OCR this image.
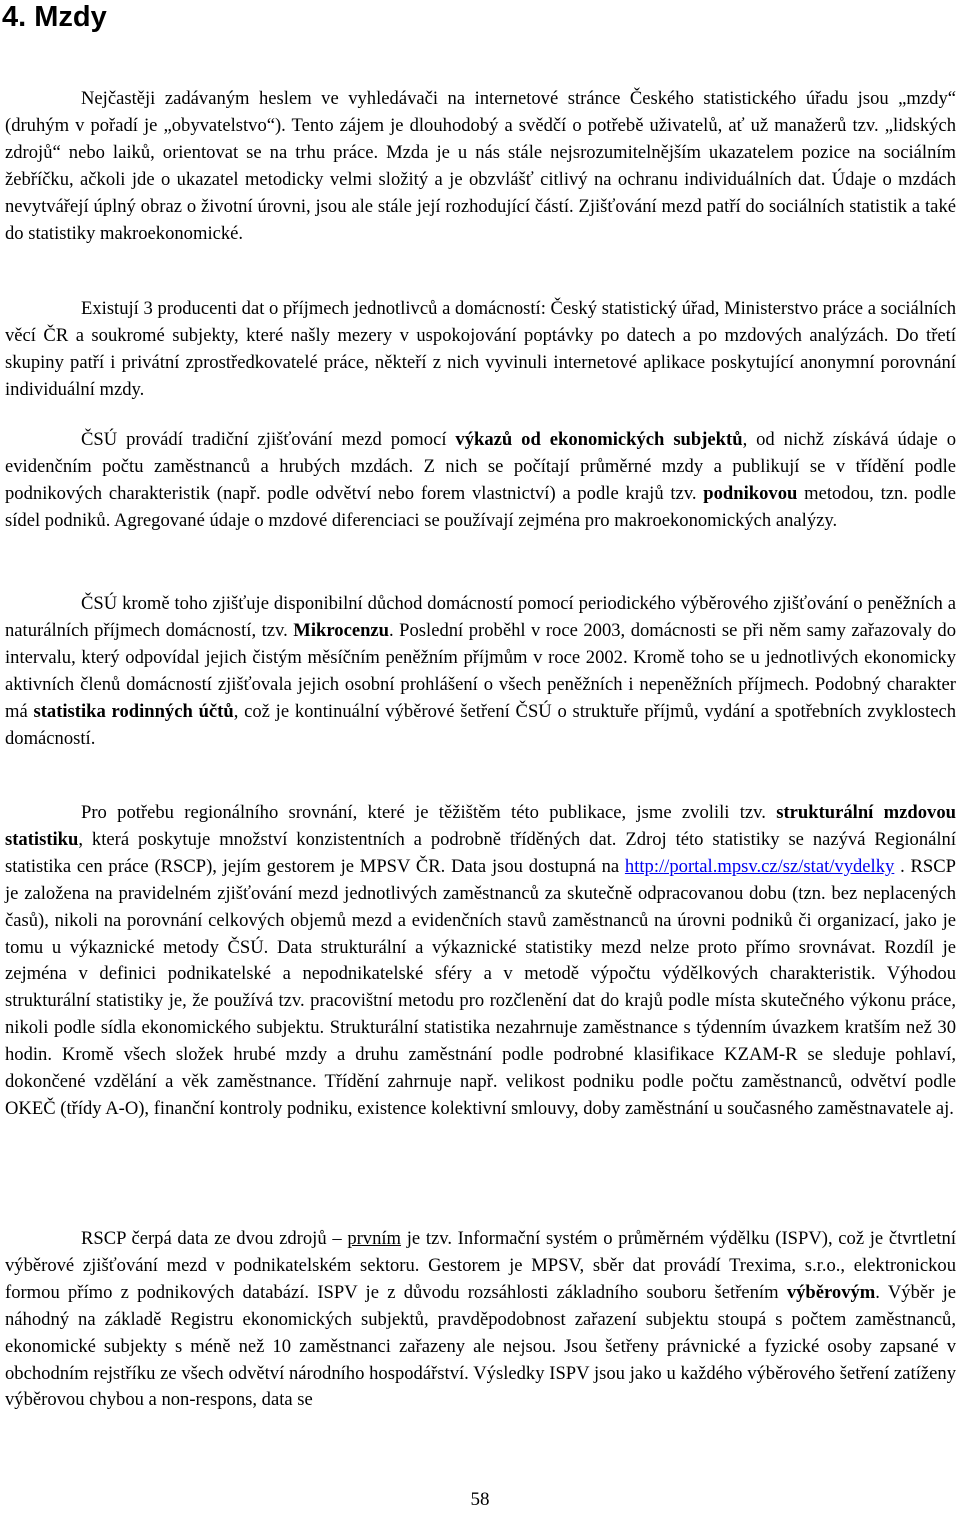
4. Mzdy

Nejčastěji zadávaným heslem ve vyhledávači na internetové stránce Českého statistického úřadu jsou „mzdy“ (druhým v pořadí je „obyvatelstvo“). Tento zájem je dlouhodobý a svědčí o potřebě uživatelů, ať už manažerů tzv. „lidských zdrojů“ nebo laiků, orientovat se na trhu práce. Mzda je u nás stále nejsrozumitelnějším ukazatelem pozice na sociálním žebříčku, ačkoli jde o ukazatel metodicky velmi složitý a je obzvlášť citlivý na ochranu individuálních dat. Údaje o mzdách nevytvářejí úplný obraz o životní úrovni, jsou ale stále její rozhodující částí. Zjišťování mezd patří do sociálních statistik a také do statistiky makroekonomické.

Existují 3 producenti dat o příjmech jednotlivců a domácností: Český statistický úřad, Ministerstvo práce a sociálních věcí ČR a soukromé subjekty, které našly mezery v uspokojování poptávky po datech a po mzdových analýzách. Do třetí skupiny patří i privátní zprostředkovatelé práce, někteří z nich vyvinuli internetové aplikace poskytující anonymní porovnání individuální mzdy.

ČSÚ provádí tradiční zjišťování mezd pomocí výkazů od ekonomických subjektů, od nichž získává údaje o evidenčním počtu zaměstnanců a hrubých mzdách. Z nich se počítají průměrné mzdy a publikují se v třídění podle podnikových charakteristik (např. podle odvětví nebo forem vlastnictví) a podle krajů tzv. podnikovou metodou, tzn. podle sídel podniků. Agregované údaje o mzdové diferenciaci se používají zejména pro makroekonomických analýzy.

ČSÚ kromě toho zjišťuje disponibilní důchod domácností pomocí periodického výběrového zjišťování o peněžních a naturálních příjmech domácností, tzv. Mikrocenzu. Poslední proběhl v roce 2003, domácnosti se při něm samy zařazovaly do intervalu, který odpovídal jejich čistým měsíčním peněžním příjmům v roce 2002. Kromě toho se u jednotlivých ekonomicky aktivních členů domácností zjišťovala jejich osobní prohlášení o všech peněžních i nepeněžních příjmech. Podobný charakter má statistika rodinných účtů, což je kontinuální výběrové šetření ČSÚ o struktuře příjmů, vydání a spotřebních zvyklostech domácností.

Pro potřebu regionálního srovnání, které je těžištěm této publikace, jsme zvolili tzv. strukturální mzdovou statistiku, která poskytuje množství konzistentních a podrobně tříděných dat. Zdroj této statistiky se nazývá Regionální statistika cen práce (RSCP), jejím gestorem je MPSV ČR. Data jsou dostupná na http://portal.mpsv.cz/sz/stat/vydelky . RSCP je založena na pravidelném zjišťování mezd jednotlivých zaměstnanců za skutečně odpracovanou dobu (tzn. bez neplacených časů), nikoli na porovnání celkových objemů mezd a evidenčních stavů zaměstnanců na úrovni podniků či organizací, jako je tomu u výkaznické metody ČSÚ. Data strukturální a výkaznické statistiky mezd nelze proto přímo srovnávat. Rozdíl je zejména v definici podnikatelské a nepodnikatelské sféry a v metodě výpočtu výdělkových charakteristik. Výhodou strukturální statistiky je, že používá tzv. pracovištní metodu pro rozčlenění dat do krajů podle místa skutečného výkonu práce, nikoli podle sídla ekonomického subjektu. Strukturální statistika nezahrnuje zaměstnance s týdenním úvazkem kratším než 30 hodin. Kromě všech složek hrubé mzdy a druhu zaměstnání podle podrobné klasifikace KZAM-R se sleduje pohlaví, dokončené vzdělání a věk zaměstnance. Třídění zahrnuje např. velikost podniku podle počtu zaměstnanců, odvětví podle OKEČ (třídy A-O), finanční kontroly podniku, existence kolektivní smlouvy, doby zaměstnání u současného zaměstnavatele aj.

RSCP čerpá data ze dvou zdrojů – prvním je tzv. Informační systém o průměrném výdělku (ISPV), což je čtvrtletní výběrové zjišťování mezd v podnikatelském sektoru. Gestorem je MPSV, sběr dat provádí Trexima, s.r.o., elektronickou formou přímo z podnikových databází. ISPV je z důvodu rozsáhlosti základního souboru šetřením výběrovým. Výběr je náhodný na základě Registru ekonomických subjektů, pravděpodobnost zařazení subjektu stoupá s počtem zaměstnanců, ekonomické subjekty s méně než 10 zaměstnanci zařazeny ale nejsou. Jsou šetřeny právnické a fyzické osoby zapsané v obchodním rejstříku ze všech odvětví národního hospodářství. Výsledky ISPV jsou jako u každého výběrového šetření zatíženy výběrovou chybou a non-respons, data se

58
